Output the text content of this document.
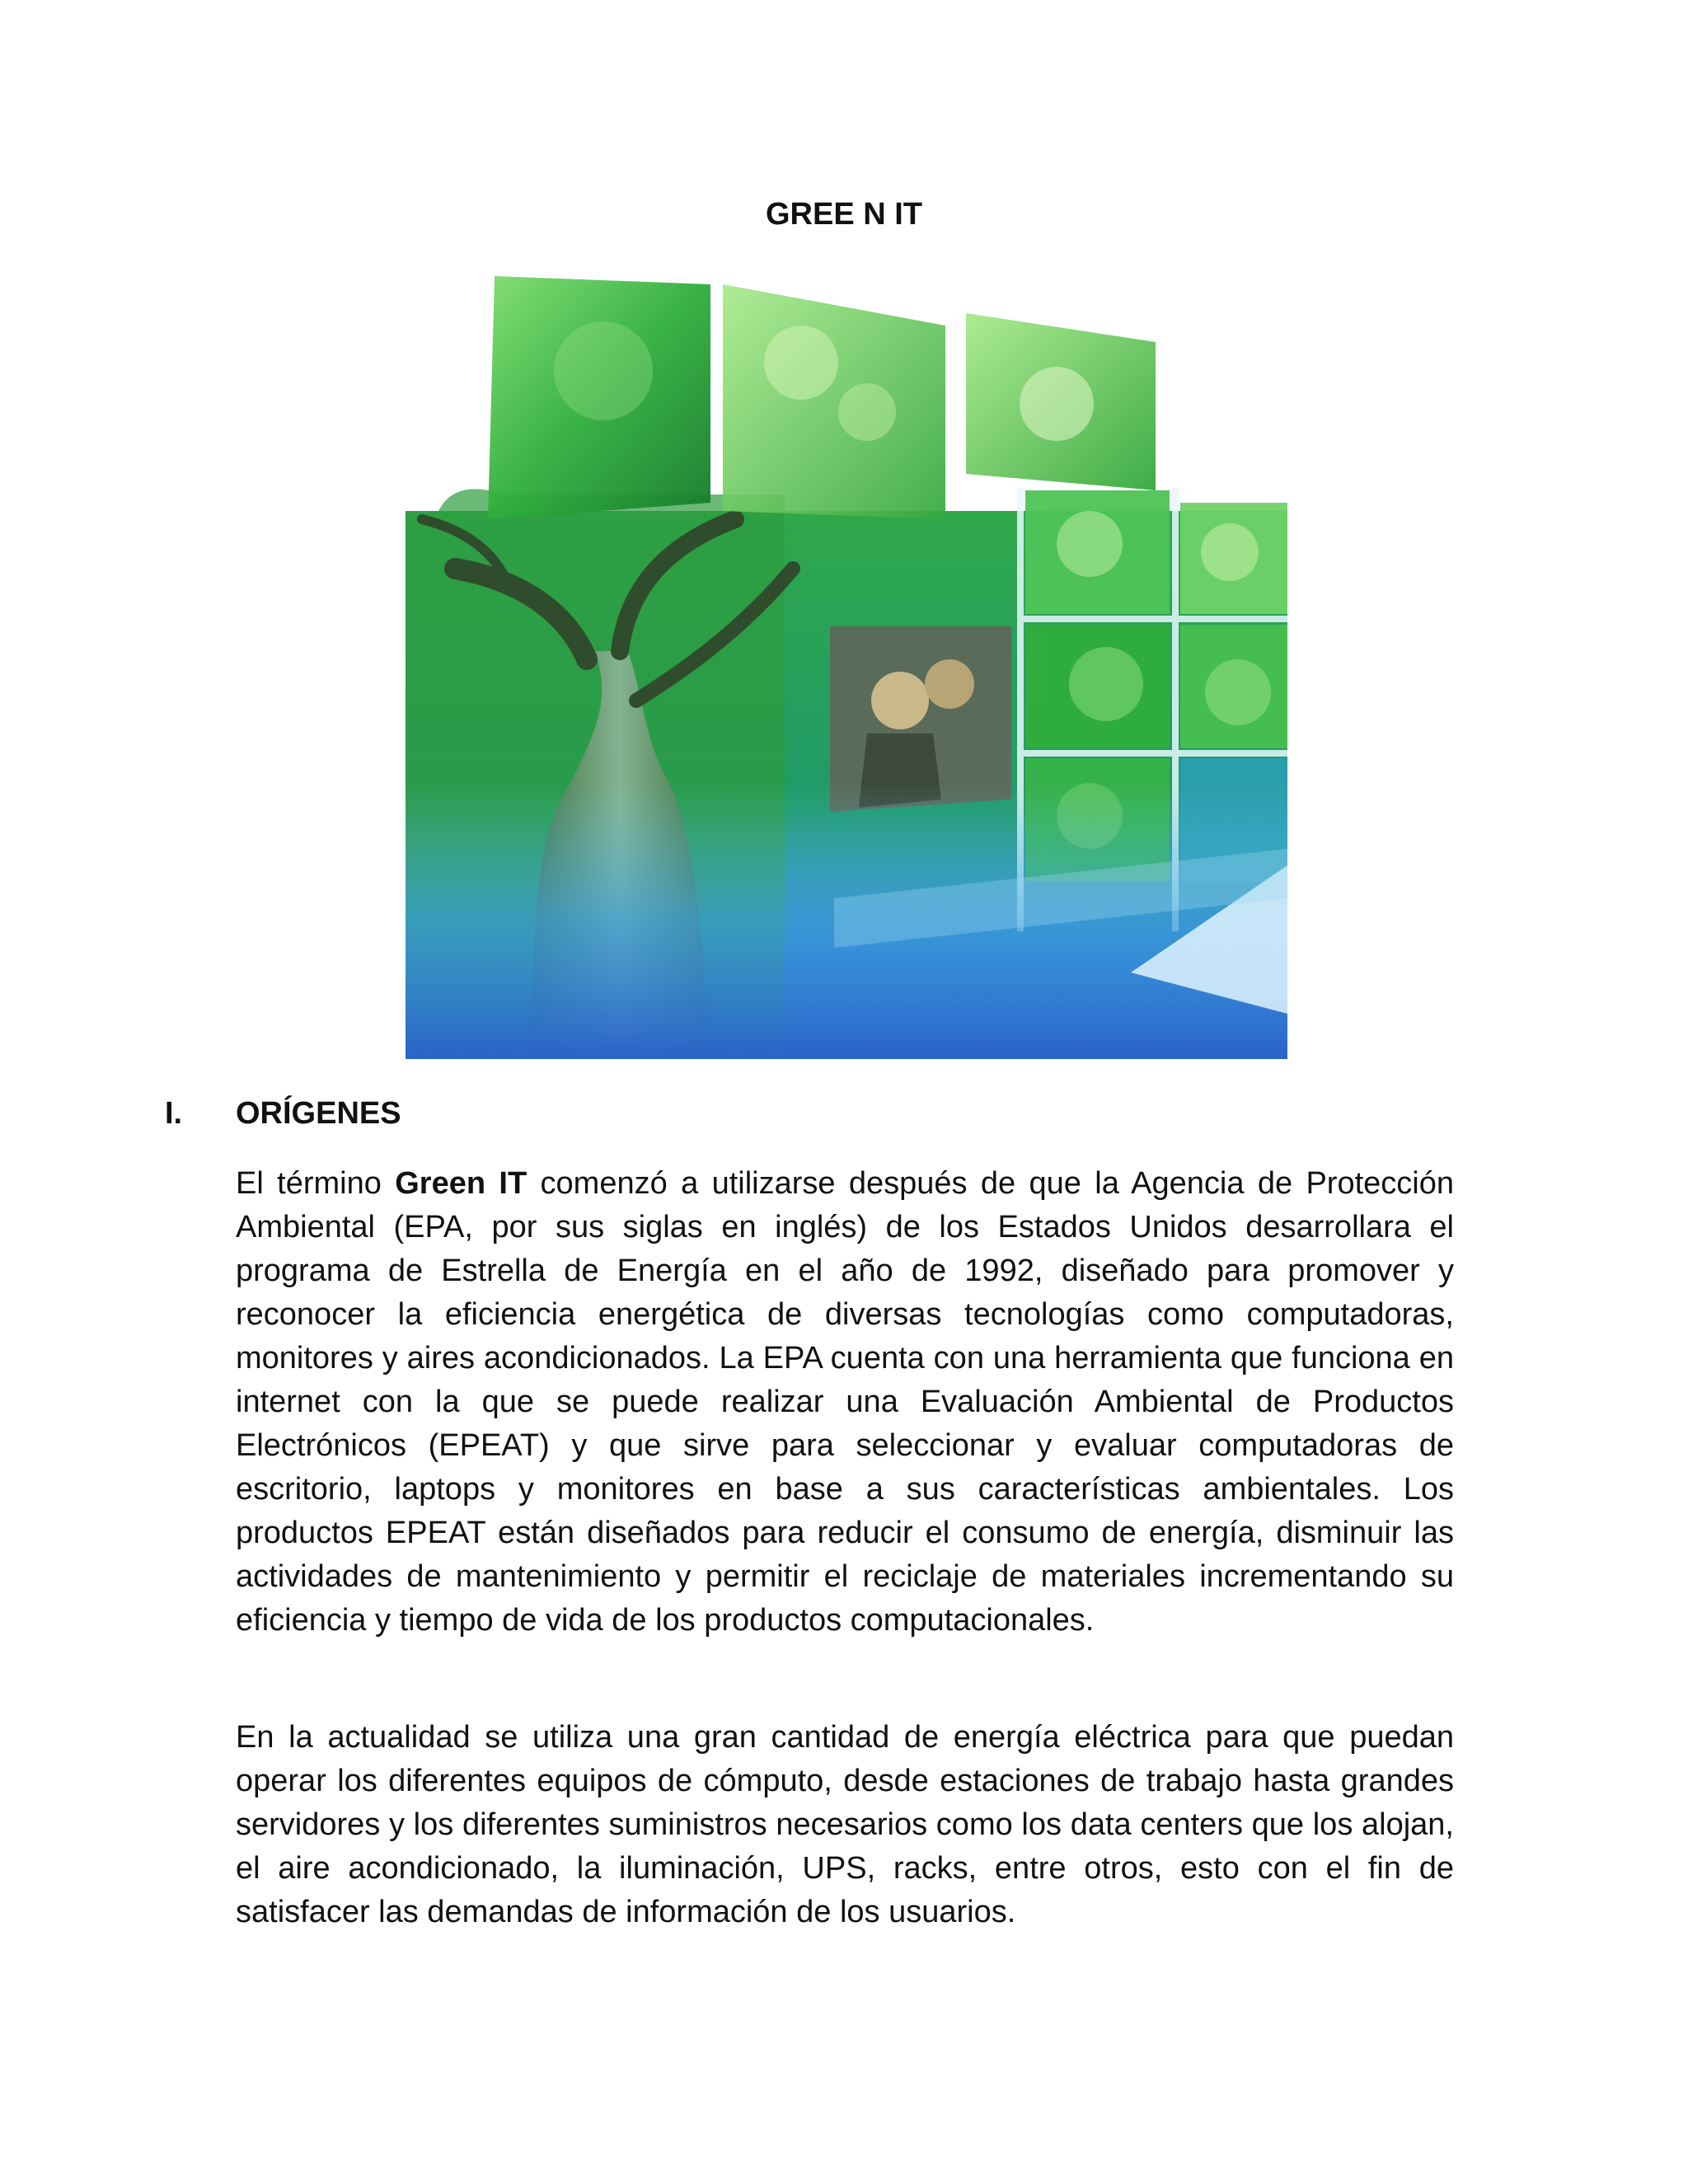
GREE N IT
I. ORÍGENES

El término Green IT comenzó a utilizarse después de que la Agencia de Protección Ambiental (EPA, por sus siglas en inglés) de los Estados Unidos desarrollara el programa de Estrella de Energía en el año de 1992, diseñado para promover y reconocer la eficiencia energética de diversas tecnologías como computadoras, monitores y aires acondicionados. La EPA cuenta con una herramienta que funciona en internet con la que se puede realizar una Evaluación Ambiental de Productos Electrónicos (EPEAT) y que sirve para seleccionar y evaluar computadoras de escritorio, laptops y monitores en base a sus características ambientales. Los productos EPEAT están diseñados para reducir el consumo de energía, disminuir las actividades de mantenimiento y permitir el reciclaje de materiales incrementando su eficiencia y tiempo de vida de los productos computacionales.

En la actualidad se utiliza una gran cantidad de energía eléctrica para que puedan operar los diferentes equipos de cómputo, desde estaciones de trabajo hasta grandes servidores y los diferentes suministros necesarios como los data centers que los alojan, el aire acondicionado, la iluminación, UPS, racks, entre otros, esto con el fin de satisfacer las demandas de información de los usuarios.
